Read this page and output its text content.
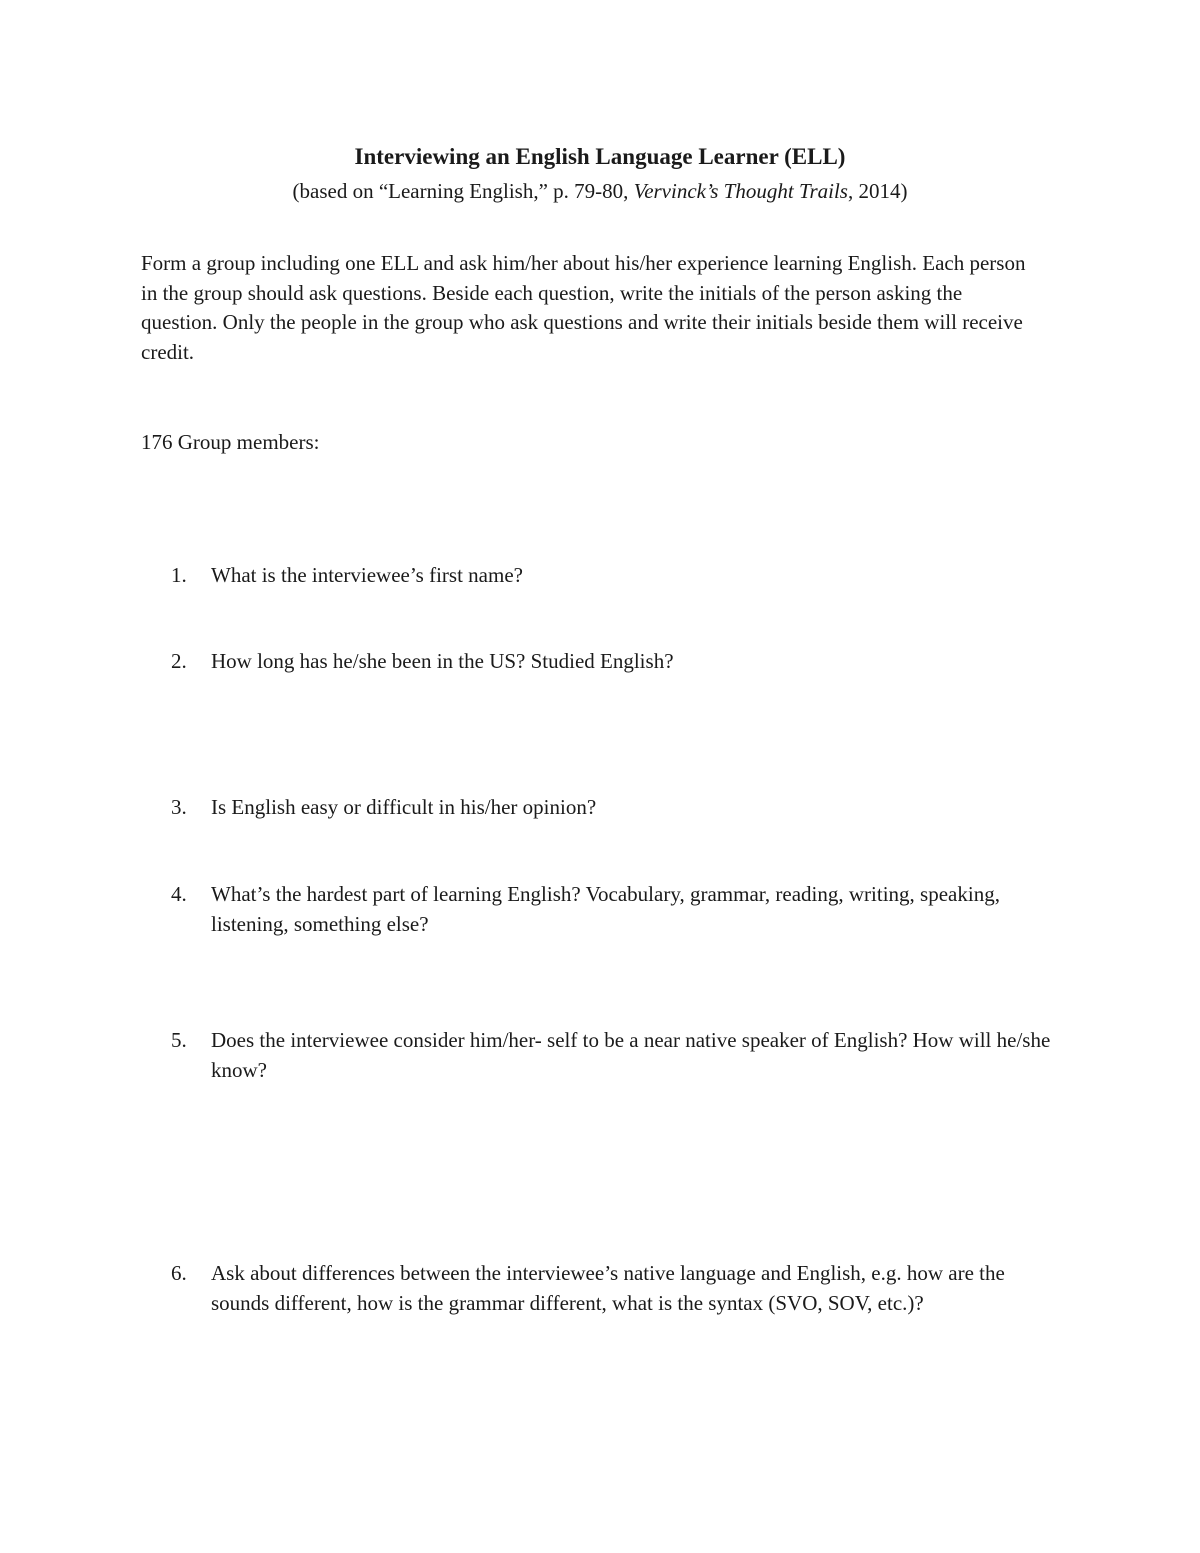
Interviewing an English Language Learner (ELL)

(based on “Learning English,” p. 79-80, Vervinck’s Thought Trails, 2014)

Form a group including one ELL and ask him/her about his/her experience learning English. Each person in the group should ask questions. Beside each question, write the initials of the person asking the question. Only the people in the group who ask questions and write their initials beside them will receive credit.

176 Group members:

1.	What is the interviewee’s first name?
2.	How long has he/she been in the US? Studied English?
3.	Is English easy or difficult in his/her opinion?
4.	What’s the hardest part of learning English? Vocabulary, grammar, reading, writing, speaking, listening, something else?
5.	Does the interviewee consider him/her- self to be a near native speaker of English? How will he/she know?
6.	Ask about differences between the interviewee’s native language and English, e.g. how are the sounds different, how is the grammar different, what is the syntax (SVO, SOV, etc.)?
